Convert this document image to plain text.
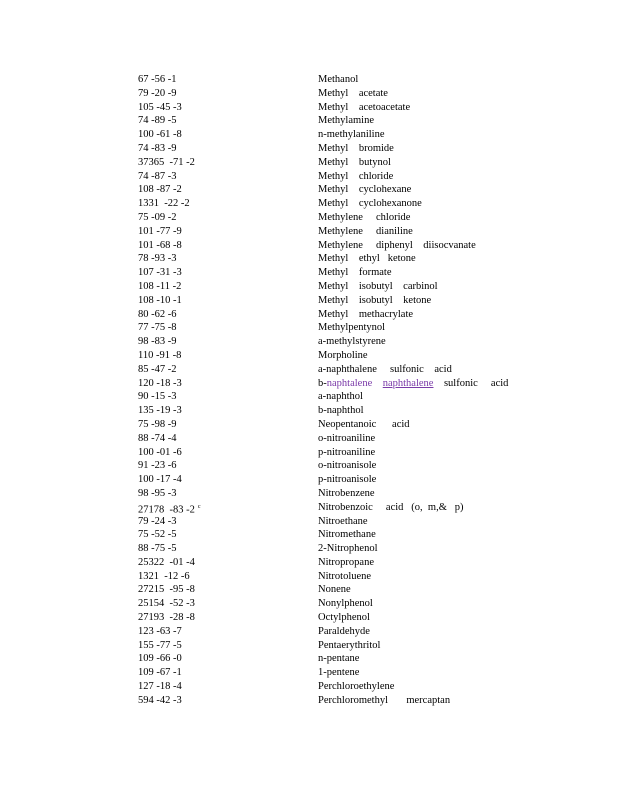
67 -56 -1	Methanol
79 -20 -9	Methyl    acetate
105 -45 -3	Methyl    acetoacetate
74 -89 -5	Methylamine
100 -61 -8	n-methylaniline
74 -83 -9	Methyl    bromide
37365  -71 -2	Methyl    butynol
74 -87 -3	Methyl    chloride
108 -87 -2	Methyl    cyclohexane
1331  -22 -2	Methyl    cyclohexanone
75 -09 -2	Methylene     chloride
101 -77 -9	Methylene     dianiline
101 -68 -8	Methylene     diphenyl    diisocvanate
78 -93 -3	Methyl    ethyl   ketone
107 -31 -3	Methyl    formate
108 -11 -2	Methyl    isobutyl    carbinol
108 -10 -1	Methyl    isobutyl    ketone
80 -62 -6	Methyl    methacrylate
77 -75 -8	Methylpentynol
98 -83 -9	a-methylstyrene
110 -91 -8	Morpholine
85 -47 -2	a-naphthalene     sulfonic    acid
120 -18 -3	b-naphtalene naphthalene sulfonic     acid
90 -15 -3	a-naphthol
135 -19 -3	b-naphthol
75 -98 -9	Neopentanoic      acid
88 -74 -4	o-nitroaniline
100 -01 -6	p-nitroaniline
91 -23 -6	o-nitroanisole
100 -17 -4	p-nitroanisole
98 -95 -3	Nitrobenzene
27178  -83 -2 $^c$	Nitrobenzoic     acid   (o,  m,&   p)
79 -24 -3	Nitroethane
75 -52 -5	Nitromethane
88 -75 -5	2-Nitrophenol
25322  -01 -4	Nitropropane
1321  -12 -6	Nitrotoluene
27215  -95 -8	Nonene
25154  -52 -3	Nonylphenol
27193  -28 -8	Octylphenol
123 -63 -7	Paraldehyde
155 -77 -5	Pentaerythritol
109 -66 -0	n-pentane
109 -67 -1	1-pentene
127 -18 -4	Perchloroethylene
594 -42 -3	Perchloromethyl       mercaptan
